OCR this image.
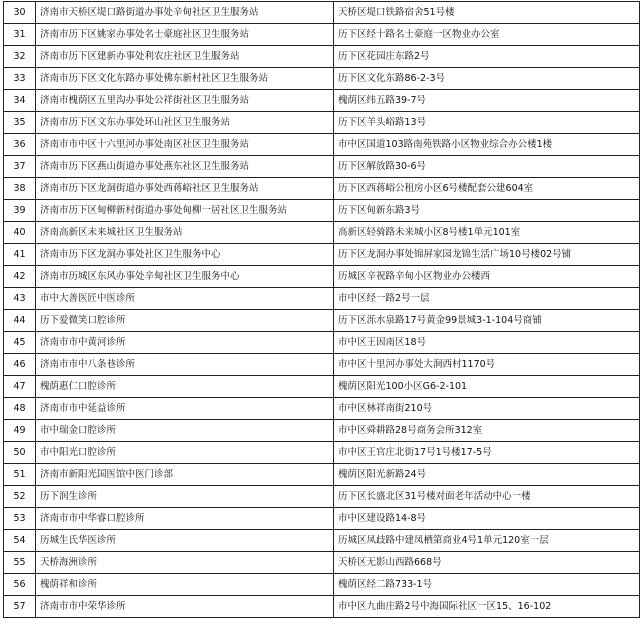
30	济南市天桥区堤口路街道办事处辛甸社区卫生服务站	天桥区堤口铁路宿舍51号楼
31	济南市历下区姚家办事处名士豪庭社区卫生服务站	历下区经十路名士豪庭一区物业办公室
32	济南市历下区建新办事处利农庄社区卫生服务站	历下区花园庄东路2号
33	济南市历下区文化东路办事处佛东新村社区卫生服务站	历下区文化东路86-2-3号
34	济南市槐荫区五里沟办事处公祥街社区卫生服务站	槐荫区纬五路39-7号
35	济南市历下区文东办事处环山社区卫生服务站	历下区羊头峪路13号
36	济南市市中区十六里河办事处南区社区卫生服务站	市中区国道103路南苑铁路小区物业综合办公楼1楼
37	济南市历下区燕山街道办事处燕东社区卫生服务站	历下区解放路30-6号
38	济南市历下区龙洞街道办事处西蒋峪社区卫生服务站	历下区西蒋峪公租房小区6号楼配套公建604室
39	济南市历下区甸柳新村街道办事处甸柳一居社区卫生服务站	历下区甸新东路3号
40	济南高新区未来城社区卫生服务站	高新区轻骑路未来城小区8号楼1单元101室
41	济南市历下区龙洞办事处社区卫生服务中心	历下区龙洞办事处锦屏家园龙锦生活广场10号楼02号铺
42	济南市历城区东风办事处辛甸社区卫生服务中心	历城区辛祝路辛甸小区物业办公楼西
43	市中大善医匠中医诊所	市中区经一路2号一层
44	历下爱微笑口腔诊所	历下区泺水泉路17号黄金99景城3-1-104号商铺
45	济南市市中黄河诊所	市中区王因南区18号
46	济南市市中八条巷诊所	市中区十里河办事处大涧西村1170号
47	槐荫惠仁口腔诊所	槐荫区阳光100小区G6-2-101
48	济南市市中延益诊所	市中区林祥南街210号
49	市中瑞金口腔诊所	市中区舜耕路28号商务会所312室
50	市中阳光口腔诊所	市中区王官庄北街17号1号楼17-5号
51	济南市新阳光国医馆中医门诊部	槐荫区阳光新路24号
52	历下润生诊所	历下区长盛北区31号楼对面老年活动中心一楼
53	济南市市中华睿口腔诊所	市中区建设路14-8号
54	历城生氏华医诊所	历城区凤歧路中建凤栖第商业4号1单元120室一层
55	天桥海洲诊所	天桥区无影山西路668号
56	槐荫祥和诊所	槐荫区经二路733-1号
57	济南市市中荣华诊所	市中区九曲庄路2号中海国际社区一区15、16-102
